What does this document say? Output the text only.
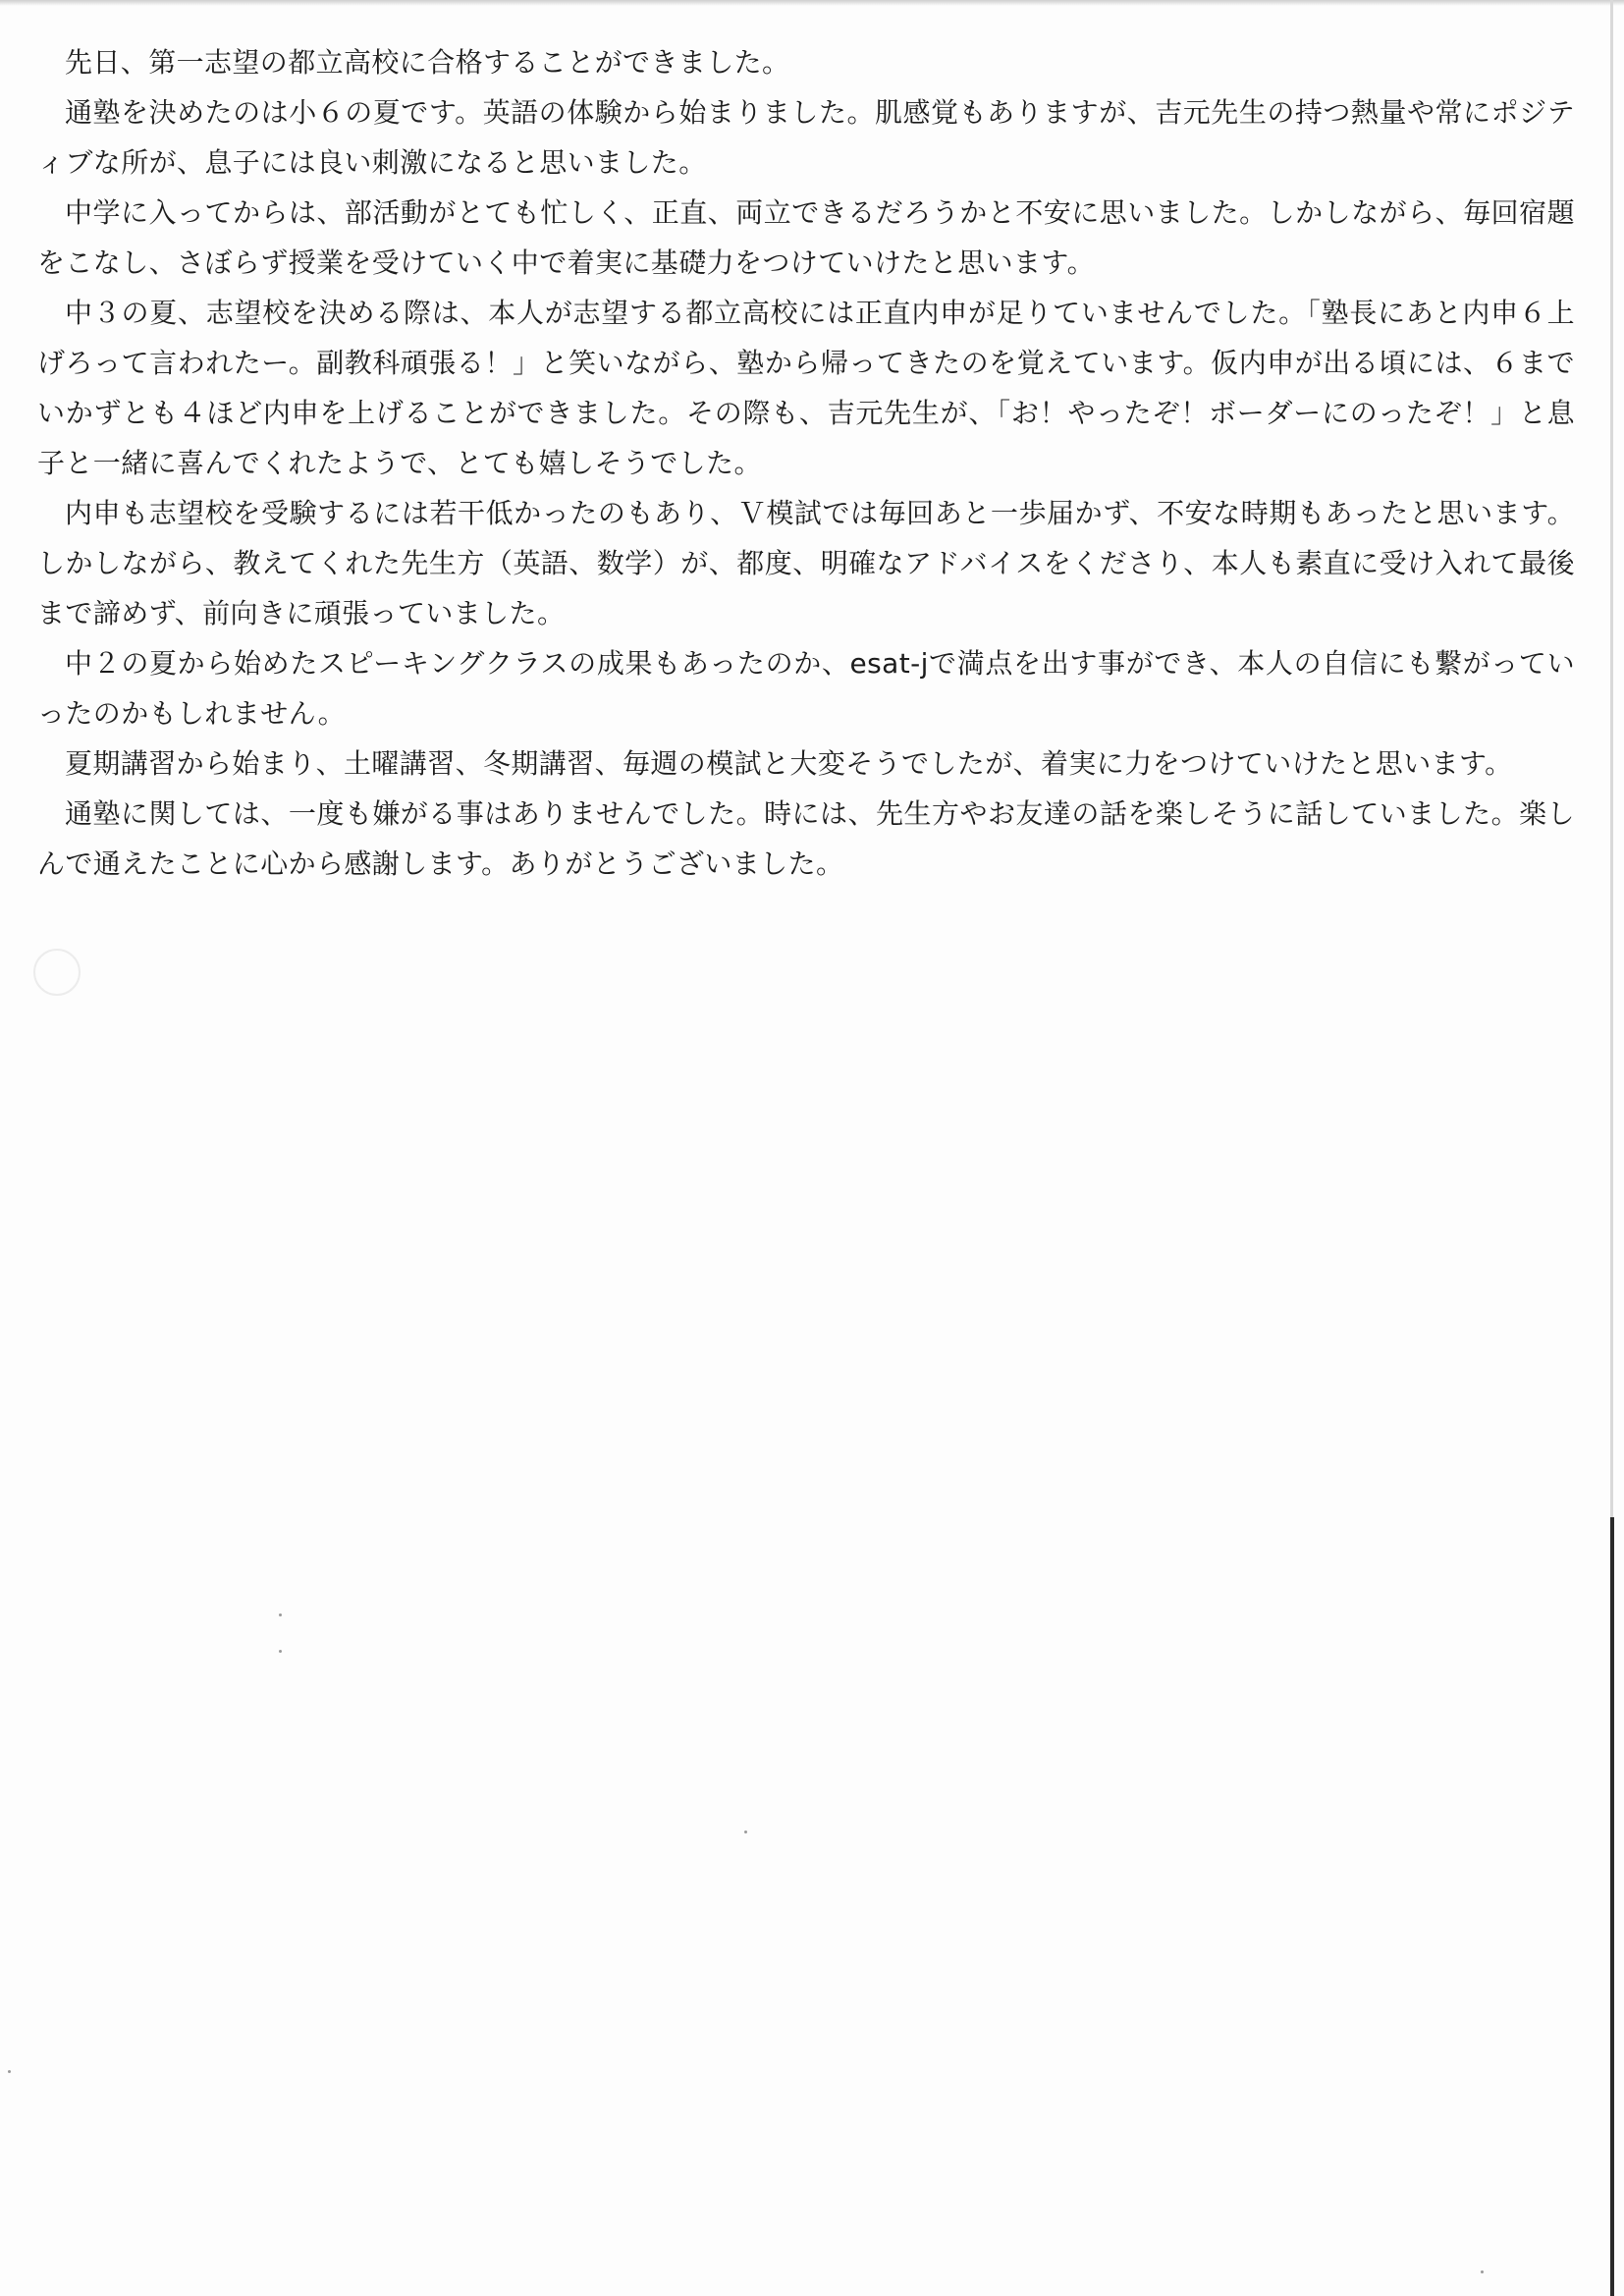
先日、第一志望の都立高校に合格することができました。

通塾を決めたのは小６の夏です。英語の体験から始まりました。肌感覚もありますが、吉元先生の持つ熱量や常にポジティブな所が、息子には良い刺激になると思いました。

中学に入ってからは、部活動がとても忙しく、正直、両立できるだろうかと不安に思いました。しかしながら、毎回宿題をこなし、さぼらず授業を受けていく中で着実に基礎力をつけていけたと思います。

中３の夏、志望校を決める際は、本人が志望する都立高校には正直内申が足りていませんでした。「塾長にあと内申６上げろって言われたー。副教科頑張る！」と笑いながら、塾から帰ってきたのを覚えています。仮内申が出る頃には、６までいかずとも４ほど内申を上げることができました。その際も、吉元先生が、「お！やったぞ！ボーダーにのったぞ！」と息子と一緒に喜んでくれたようで、とても嬉しそうでした。

内申も志望校を受験するには若干低かったのもあり、Ｖ模試では毎回あと一歩届かず、不安な時期もあったと思います。しかしながら、教えてくれた先生方（英語、数学）が、都度、明確なアドバイスをくださり、本人も素直に受け入れて最後まで諦めず、前向きに頑張っていました。

中２の夏から始めたスピーキングクラスの成果もあったのか、esat-jで満点を出す事ができ、本人の自信にも繋がっていったのかもしれません。

夏期講習から始まり、土曜講習、冬期講習、毎週の模試と大変そうでしたが、着実に力をつけていけたと思います。

通塾に関しては、一度も嫌がる事はありませんでした。時には、先生方やお友達の話を楽しそうに話していました。楽しんで通えたことに心から感謝します。ありがとうございました。
